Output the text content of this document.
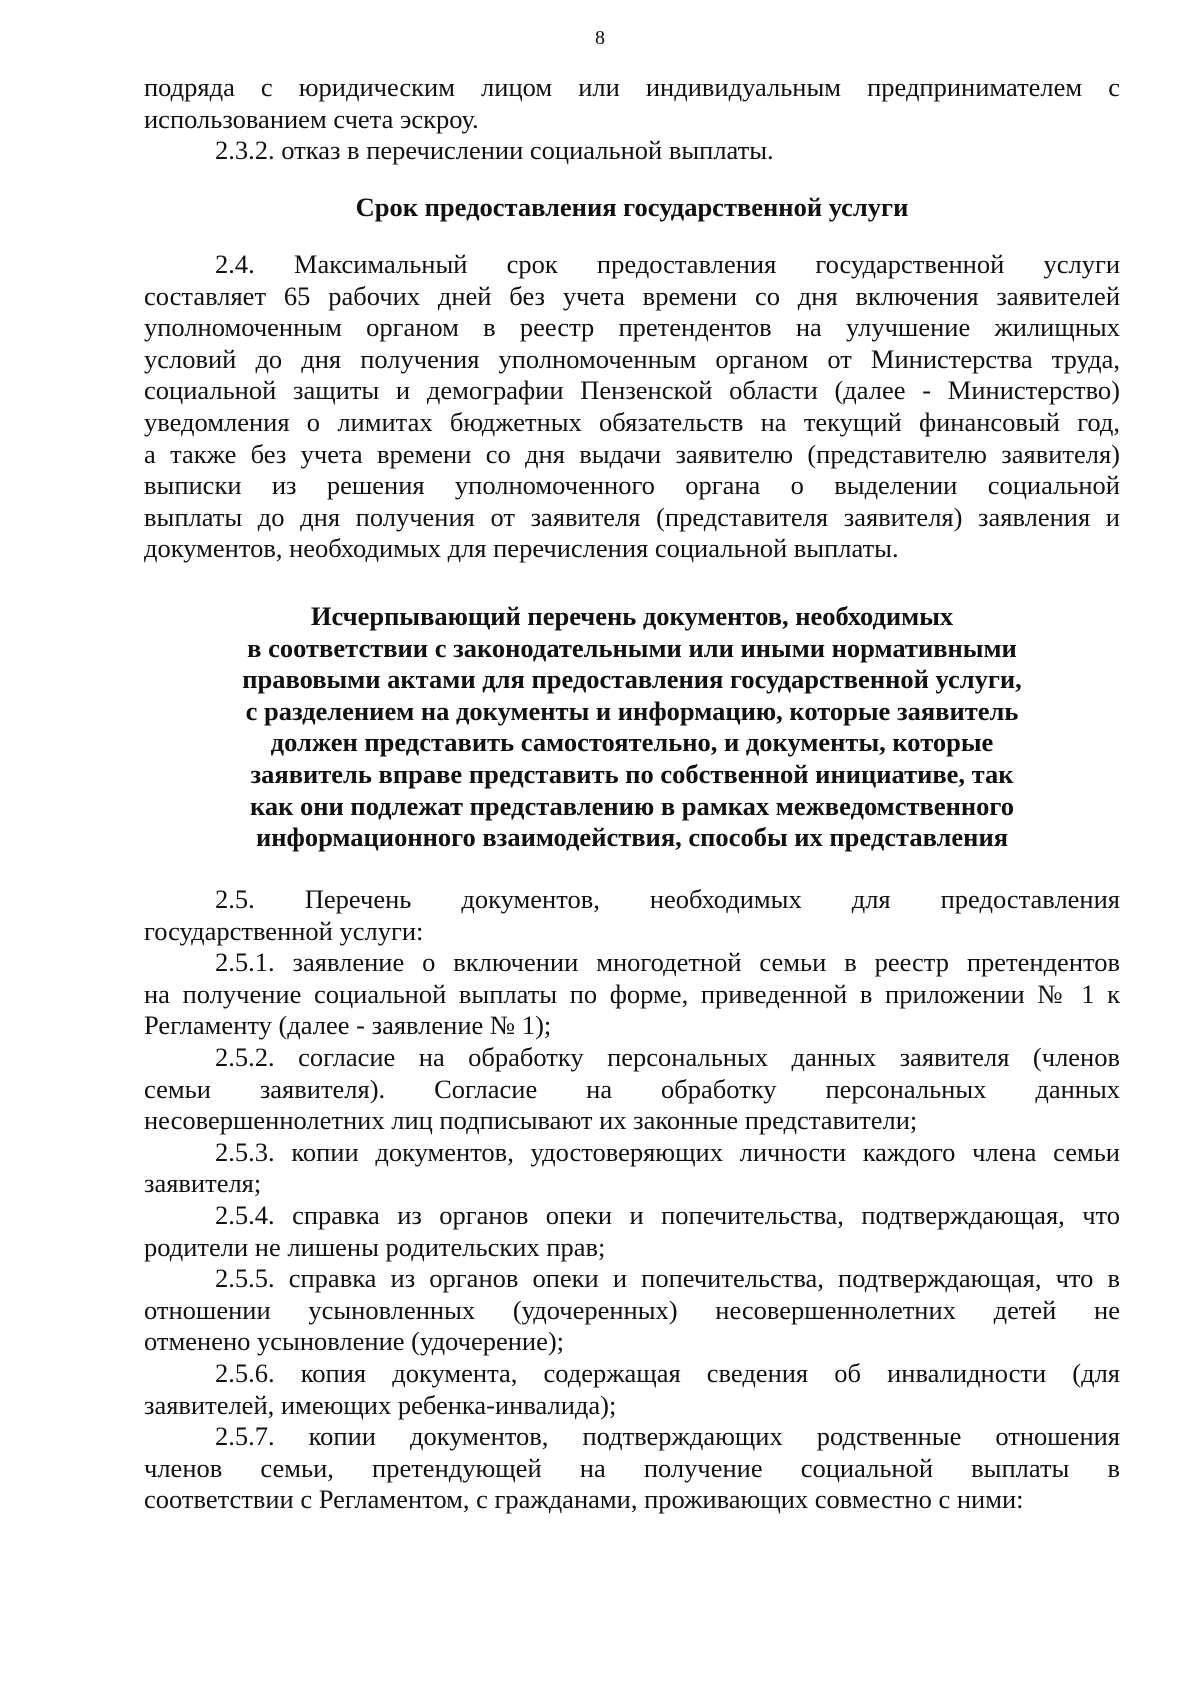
8

подряда с юридическим лицом или индивидуальным предпринимателем с

использованием счета эскроу.

2.3.2. отказ в перечислении социальной выплаты.

Срок предоставления государственной услуги

2.4. Максимальный срок предоставления государственной услуги

составляет 65 рабочих дней без учета времени со дня включения заявителей

уполномоченным органом в реестр претендентов на улучшение жилищных

условий до дня получения уполномоченным органом от Министерства труда,

социальной защиты и демографии Пензенской области (далее - Министерство)

уведомления о лимитах бюджетных обязательств на текущий финансовый год,

а также без учета времени со дня выдачи заявителю (представителю заявителя)

выписки из решения уполномоченного органа о выделении социальной

выплаты до дня получения от заявителя (представителя заявителя) заявления и

документов, необходимых для перечисления социальной выплаты.

Исчерпывающий перечень документов, необходимых
в соответствии с законодательными или иными нормативными
правовыми актами для предоставления государственной услуги,
с разделением на документы и информацию, которые заявитель
должен представить самостоятельно, и документы, которые
заявитель вправе представить по собственной инициативе, так
как они подлежат представлению в рамках межведомственного
информационного взаимодействия, способы их представления

2.5. Перечень документов, необходимых для предоставления

государственной услуги:

2.5.1. заявление о включении многодетной семьи в реестр претендентов

на получение социальной выплаты по форме, приведенной в приложении № 1 к

Регламенту (далее - заявление № 1);

2.5.2. согласие на обработку персональных данных заявителя (членов

семьи заявителя). Согласие на обработку персональных данных

несовершеннолетних лиц подписывают их законные представители;

2.5.3. копии документов, удостоверяющих личности каждого члена семьи

заявителя;

2.5.4. справка из органов опеки и попечительства, подтверждающая, что

родители не лишены родительских прав;

2.5.5. справка из органов опеки и попечительства, подтверждающая, что в

отношении усыновленных (удочеренных) несовершеннолетних детей не

отменено усыновление (удочерение);

2.5.6. копия документа, содержащая сведения об инвалидности (для

заявителей, имеющих ребенка-инвалида);

2.5.7. копии документов, подтверждающих родственные отношения

членов семьи, претендующей на получение социальной выплаты в

соответствии с Регламентом, с гражданами, проживающих совместно с ними:
